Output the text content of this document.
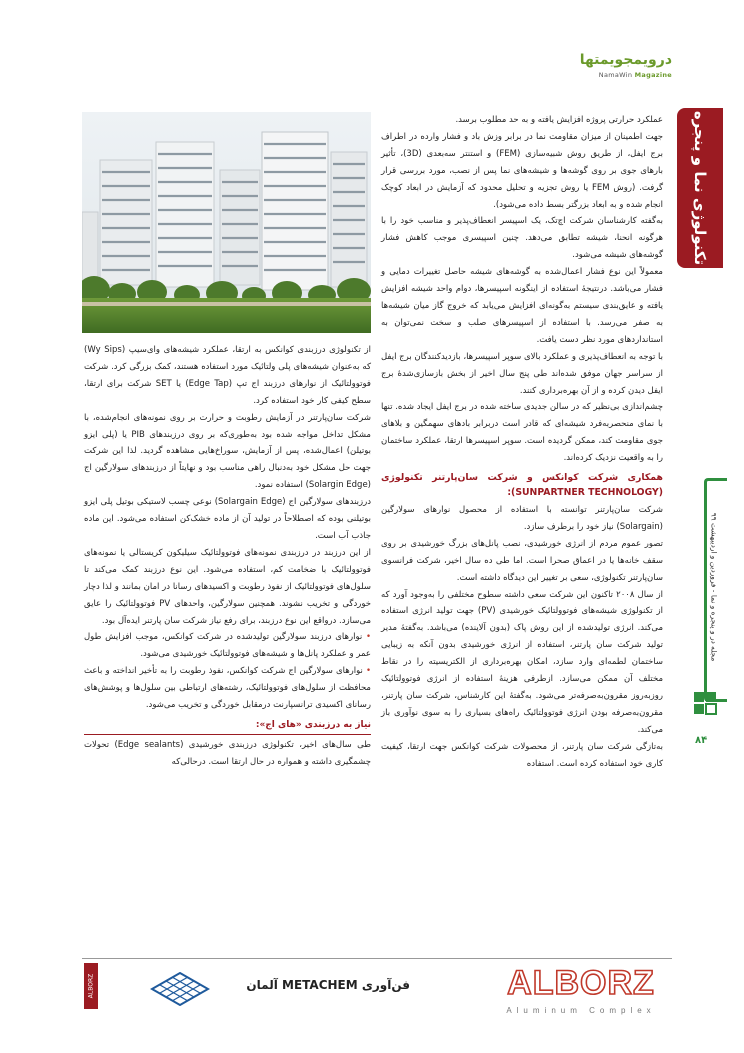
درویمجویمتها
NamaWin Magazine
تکنولوژی نما و پنجره
مجله در و پنجره و نما - فروردین و اردیبهشت ۹۹
۸۴

عملکرد حرارتی پروژه افزایش یافته و به حد مطلوب برسد.

جهت اطمینان از میزان مقاومت نما در برابر وزش باد و فشار وارده در اطراف برج ایفل، از طریق روش شبیه‌سازی (FEM) و استنتر سه‌بعدی (3D)، تأثیر بارهای جوی بر روی گوشه‌ها و شیشه‌های نما پس از نصب، مورد بررسی قرار گرفت. (روش FEM یا روش تجزیه و تحلیل محدود که آزمایش در ابعاد کوچک انجام شده و به ابعاد بزرگتر بسط داده می‌شود).

به‌گفته کارشناسان شرکت اچ‌تک، یک اسپیسر انعطاف‌پذیر و مناسب خود را با هرگونه انحنا، شیشه تطابق می‌دهد. چنین اسپیسری موجب کاهش فشار گوشه‌های شیشه می‌شود.

معمولاً این نوع فشار اعمال‌شده به گوشه‌های شیشه حاصل تغییرات دمایی و فشار می‌باشد. درنتیجهٔ استفاده از اینگونه اسپیسرها، دوام واحد شیشه افزایش یافته و عایق‌بندی سیستم به‌گونه‌ای افزایش می‌یابد که خروج گاز میان شیشه‌ها به صفر می‌رسد. با استفاده از اسپیسرهای صلب و سخت نمی‌توان به استانداردهای مورد نظر دست یافت.

با توجه به انعطاف‌پذیری و عملکرد بالای سوپر اسپیسرها، بازدیدکنندگان برج ایفل از سراسر جهان موفق شده‌اند طی پنج سال اخیر از بخش بازسازی‌شدهٔ برج ایفل دیدن کرده و از آن بهره‌برداری کنند.

چشم‌اندازی بی‌نظیر که در سالن جدیدی ساخته شده در برج ایفل ایجاد شده. تنها با نمای منحصربه‌فرد شیشه‌ای که قادر است دربرابر بادهای سهمگین و بلاهای جوی مقاومت کند، ممکن گردیده است. سوپر اسپیسرها ارتقا، عملکرد ساختمان را به واقعیت نزدیک کرده‌اند.

همکاری شرکت کوانکس و شرکت سان‌پارتنر تکنولوژی (SUNPARTNER TECHNOLOGY):

شرکت سان‌پارتنر توانسته با استفاده از محصول نوارهای سولارگین (Solargain) نیاز خود را برطرف سازد.

تصور عموم مردم از انرژی خورشیدی، نصب پانل‌های بزرگ خورشیدی بر روی سقف خانه‌ها یا در اعماق صحرا است. اما طی ده سال اخیر، شرکت فرانسوی سان‌پارتنر تکنولوژی، سعی بر تغییر این دیدگاه داشته است.

از سال ۲۰۰۸ تاکنون این شرکت سعی داشته سطوح مختلفی را به‌وجود آورد که از تکنولوژی شیشه‌های فوتوولتائیک خورشیدی (PV) جهت تولید انرژی استفاده می‌کند. انرژی تولیدشده از این روش پاک (بدون آلاینده) می‌باشد. به‌گفتهٔ مدیر تولید شرکت سان پارتنر، استفاده از انرژی خورشیدی بدون آنکه به زیبایی ساختمان لطمه‌ای وارد سازد، امکان بهره‌برداری از الکتریسیته را در نقاط مختلف آن ممکن می‌سازد. ازطرفی هزینهٔ استفاده از انرژی فوتوولتائیک روزبه‌روز مقرون‌به‌صرفه‌تر می‌شود. به‌گفتهٔ این کارشناس، شرکت سان پارتنر، مقرون‌به‌صرفه بودن انرژی فوتوولتائیک راه‌های بسیاری را به سوی نوآوری باز می‌کند.

به‌تازگی شرکت سان پارتنر، از محصولات شرکت کوانکس جهت ارتقا، کیفیت کاری خود استفاده کرده است. استفاده

از تکنولوژی درزبندی کوانکس به ارتقا، عملکرد شیشه‌های وای‌سیپ (Wy Sips) که به‌عنوان شیشه‌های پلی ولتائیک مورد استفاده هستند، کمک بزرگی کرد. شرکت فوتوولتائیک از نوارهای درزبند اج تپ (Edge Tap) یا SET شرکت برای ارتقا، سطح کیفی کار خود استفاده کرد.

شرکت سان‌پارتنر در آزمایش رطوبت و حرارت بر روی نمونه‌های انجام‌شده، با مشکل تداخل مواجه شده بود به‌طوری‌که بر روی درزبندهای PIB یا (پلی ایزو بوتیلن) اعمال‌شده، پس از آزمایش، سوراخ‌هایی مشاهده گردید. لذا این شرکت جهت حل مشکل خود به‌دنبال راهی مناسب بود و نهایتاً از درزبندهای سولارگین اج (Solargin Edge) استفاده نمود.

درزبندهای سولارگین اج (Solargain Edge) نوعی چسب لاستیکی بوتیل پلی ایزو بوتیلنی بوده که اصطلاحاً در تولید آن از ماده خشک‌کن استفاده می‌شود. این ماده جاذب آب است.

از این درزبند در درزبندی نمونه‌های فوتوولتائیک سیلیکون کریستالی یا نمونه‌های فوتوولتائیک با ضخامت کم، استفاده می‌شود. این نوع درزبند کمک می‌کند تا سلول‌های فوتوولتائیک از نفوذ رطوبت و اکسیدهای رسانا در امان بمانند و لذا دچار خوردگی و تخریب نشوند. همچنین سولارگین، واحدهای PV فوتوولتائیک را عایق می‌سازد. درواقع این نوع درزبند، برای رفع نیاز شرکت سان پارتنر ایده‌آل بود.

• نوارهای درزبند سولارگین تولیدشده در شرکت کوانکس، موجب افزایش طول عمر و عملکرد پانل‌ها و شیشه‌های فوتوولتائیک خورشیدی می‌شود.

• نوارهای سولارگین اج شرکت کوانکس، نفوذ رطوبت را به تأخیر انداخته و باعث محافظت از سلول‌های فوتوولتائیک، رشته‌های ارتباطی بین سلول‌ها و پوشش‌های رسانای اکسیدی ترانسپارنت درمقابل خوردگی و تخریب می‌شود.

نیاز به درزبندی «های اج»:

طی سال‌های اخیر، تکنولوژی درزبندی خورشیدی (Edge sealants) تحولات چشمگیری داشته و همواره در حال ارتقا است. درحالی‌که

ALBORZ
Aluminum Complex
فن‌آوری METACHEM آلمان
ALBORZ
